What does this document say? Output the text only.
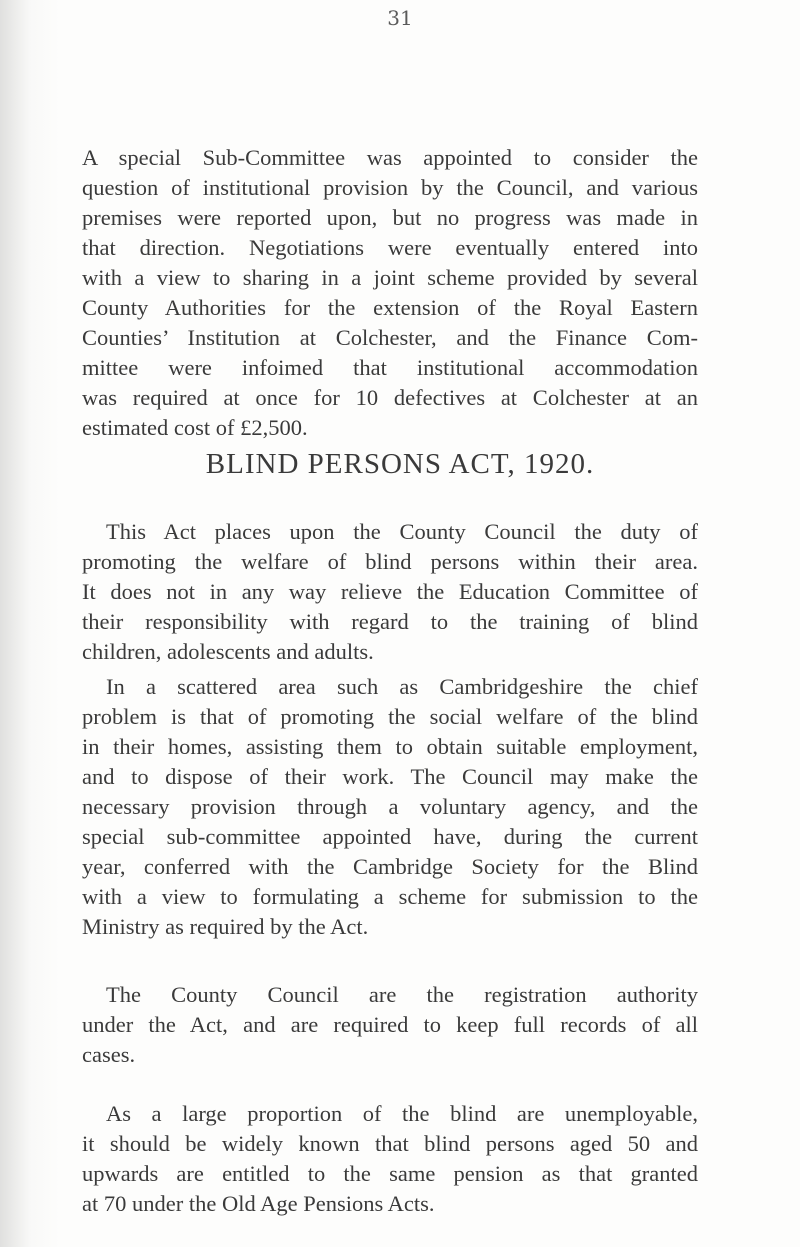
31
A special Sub-Committee was appointed to consider the
question of institutional provision by the Council, and various
premises were reported upon, but no progress was made in
that direction. Negotiations were eventually entered into
with a view to sharing in a joint scheme provided by several
County Authorities for the extension of the Royal Eastern
Counties’ Institution at Colchester, and the Finance Com-
mittee were infoimed that institutional accommodation
was required at once for 10 defectives at Colchester at an
estimated cost of £2,500.
BLIND PERSONS ACT, 1920.
This Act places upon the County Council the duty of
promoting the welfare of blind persons within their area.
It does not in any way relieve the Education Committee of
their responsibility with regard to the training of blind
children, adolescents and adults.
In a scattered area such as Cambridgeshire the chief
problem is that of promoting the social welfare of the blind
in their homes, assisting them to obtain suitable employment,
and to dispose of their work. The Council may make the
necessary provision through a voluntary agency, and the
special sub-committee appointed have, during the current
year, conferred with the Cambridge Society for the Blind
with a view to formulating a scheme for submission to the
Ministry as required by the Act.
The County Council are the registration authority
under the Act, and are required to keep full records of all
cases.
As a large proportion of the blind are unemployable,
it should be widely known that blind persons aged 50 and
upwards are entitled to the same pension as that granted
at 70 under the Old Age Pensions Acts.
